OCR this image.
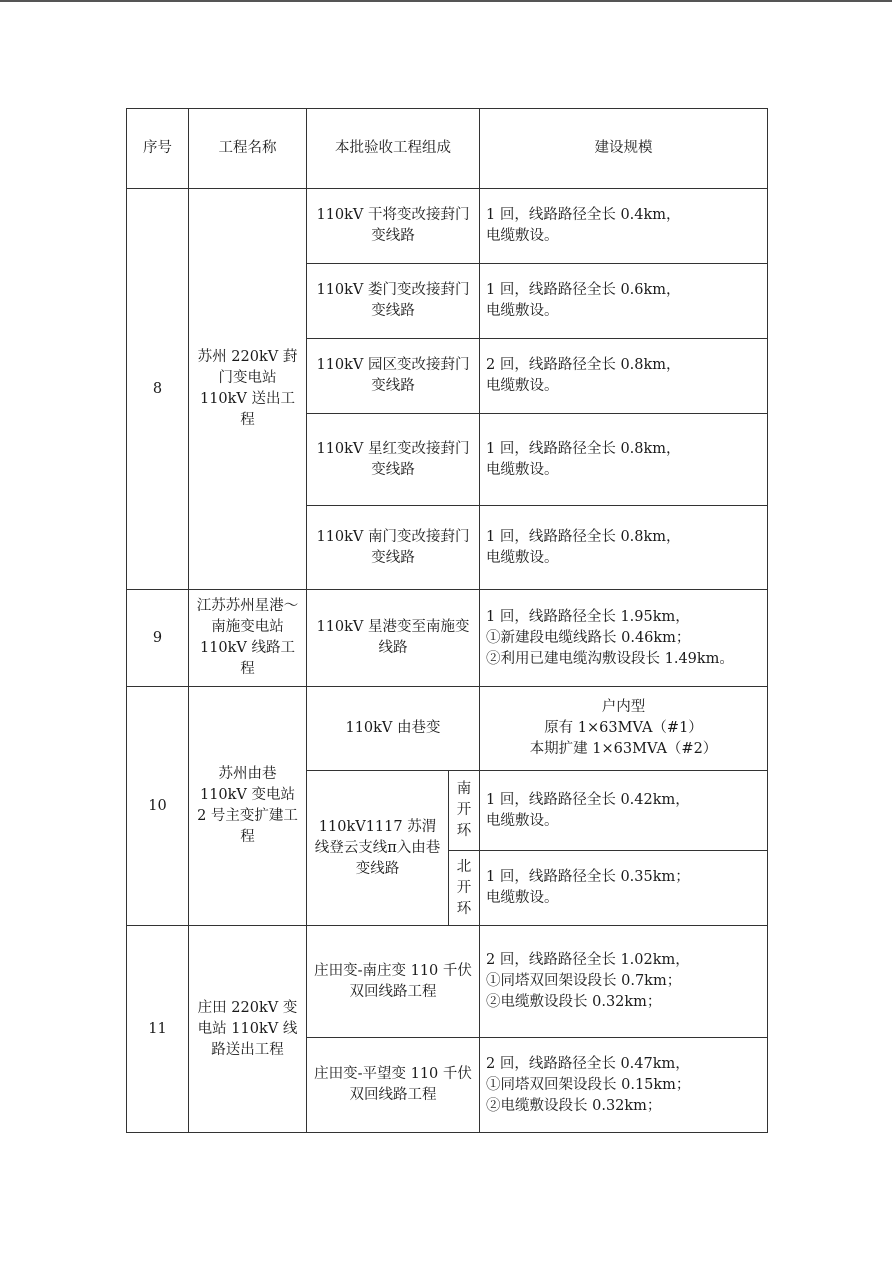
序号	工程名称	本批验收工程组成		建设规模
8	苏州 220kV 葑门变电站 110kV 送出工程	110kV 干将变改接葑门变线路		1 回，线路路径全长 0.4km，
电缆敷设。

		110kV 娄门变改接葑门变线路		1 回，线路路径全长 0.6km，
电缆敷设。

		110kV 园区变改接葑门变线路		2 回，线路路径全长 0.8km，
电缆敷设。

		110kV 星红变改接葑门变线路		1 回，线路路径全长 0.8km，
电缆敷设。

		110kV 南门变改接葑门变线路		1 回，线路路径全长 0.8km，
电缆敷设。

9	江苏苏州星港～南施变电站 110kV 线路工程	110kV 星港变至南施变线路		1 回，线路路径全长 1.95km，
①新建段电缆线路长 0.46km；
②利用已建电缆沟敷设段长 1.49km。

10	苏州由巷 110kV 变电站 2 号主变扩建工程	110kV 由巷变		户内型
原有 1×63MVA（#1）
本期扩建 1×63MVA（#2）

		110kV1117 苏渭线登云支线π入由巷变线路	南开环	1 回，线路路径全长 0.42km，
电缆敷设。

			北开环	1 回，线路路径全长 0.35km；
电缆敷设。

11	庄田 220kV 变电站 110kV 线路送出工程	庄田变-南庄变 110 千伏双回线路工程		2 回，线路路径全长 1.02km，
①同塔双回架设段长 0.7km；
②电缆敷设段长 0.32km；

		庄田变-平望变 110 千伏双回线路工程		2 回，线路路径全长 0.47km，
①同塔双回架设段长 0.15km；
②电缆敷设段长 0.32km；
